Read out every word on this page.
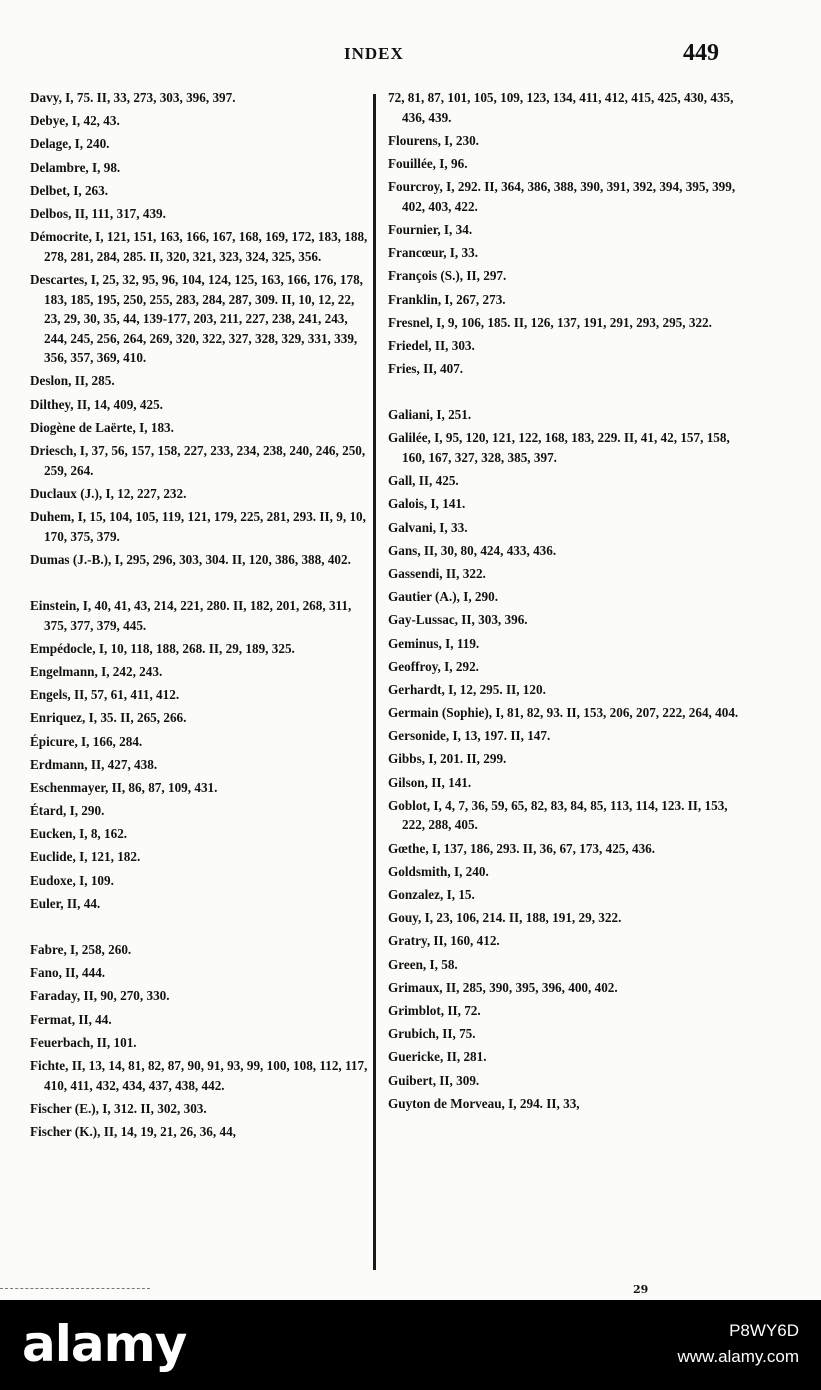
INDEX	449
Davy, I, 75. II, 33, 273, 303, 396, 397.
Debye, I, 42, 43.
Delage, I, 240.
Delambre, I, 98.
Delbet, I, 263.
Delbos, II, 111, 317, 439.
Démocrite, I, 121, 151, 163, 166, 167, 168, 169, 172, 183, 188, 278, 281, 284, 285. II, 320, 321, 323, 324, 325, 356.
Descartes, I, 25, 32, 95, 96, 104, 124, 125, 163, 166, 176, 178, 183, 185, 195, 250, 255, 283, 284, 287, 309. II, 10, 12, 22, 23, 29, 30, 35, 44, 139-177, 203, 211, 227, 238, 241, 243, 244, 245, 256, 264, 269, 320, 322, 327, 328, 329, 331, 339, 356, 357, 369, 410.
Deslon, II, 285.
Dilthey, II, 14, 409, 425.
Diogène de Laërte, I, 183.
Driesch, I, 37, 56, 157, 158, 227, 233, 234, 238, 240, 246, 250, 259, 264.
Duclaux (J.), I, 12, 227, 232.
Duhem, I, 15, 104, 105, 119, 121, 179, 225, 281, 293. II, 9, 10, 170, 375, 379.
Dumas (J.-B.), I, 295, 296, 303, 304. II, 120, 386, 388, 402.
Einstein, I, 40, 41, 43, 214, 221, 280. II, 182, 201, 268, 311, 375, 377, 379, 445.
Empédocle, I, 10, 118, 188, 268. II, 29, 189, 325.
Engelmann, I, 242, 243.
Engels, II, 57, 61, 411, 412.
Enriquez, I, 35. II, 265, 266.
Épicure, I, 166, 284.
Erdmann, II, 427, 438.
Eschenmayer, II, 86, 87, 109, 431.
Étard, I, 290.
Eucken, I, 8, 162.
Euclide, I, 121, 182.
Eudoxe, I, 109.
Euler, II, 44.
Fabre, I, 258, 260.
Fano, II, 444.
Faraday, II, 90, 270, 330.
Fermat, II, 44.
Feuerbach, II, 101.
Fichte, II, 13, 14, 81, 82, 87, 90, 91, 93, 99, 100, 108, 112, 117, 410, 411, 432, 434, 437, 438, 442.
Fischer (E.), I, 312. II, 302, 303.
Fischer (K.), II, 14, 19, 21, 26, 36, 44,
72, 81, 87, 101, 105, 109, 123, 134, 411, 412, 415, 425, 430, 435, 436, 439.
Flourens, I, 230.
Fouillée, I, 96.
Fourcroy, I, 292. II, 364, 386, 388, 390, 391, 392, 394, 395, 399, 402, 403, 422.
Fournier, I, 34.
Francœur, I, 33.
François (S.), II, 297.
Franklin, I, 267, 273.
Fresnel, I, 9, 106, 185. II, 126, 137, 191, 291, 293, 295, 322.
Friedel, II, 303.
Fries, II, 407.
Galiani, I, 251.
Galilée, I, 95, 120, 121, 122, 168, 183, 229. II, 41, 42, 157, 158, 160, 167, 327, 328, 385, 397.
Gall, II, 425.
Galois, I, 141.
Galvani, I, 33.
Gans, II, 30, 80, 424, 433, 436.
Gassendi, II, 322.
Gautier (A.), I, 290.
Gay-Lussac, II, 303, 396.
Geminus, I, 119.
Geoffroy, I, 292.
Gerhardt, I, 12, 295. II, 120.
Germain (Sophie), I, 81, 82, 93. II, 153, 206, 207, 222, 264, 404.
Gersonide, I, 13, 197. II, 147.
Gibbs, I, 201. II, 299.
Gilson, II, 141.
Goblot, I, 4, 7, 36, 59, 65, 82, 83, 84, 85, 113, 114, 123. II, 153, 222, 288, 405.
Gœthe, I, 137, 186, 293. II, 36, 67, 173, 425, 436.
Goldsmith, I, 240.
Gonzalez, I, 15.
Gouy, I, 23, 106, 214. II, 188, 191, 29, 322.
Gratry, II, 160, 412.
Green, I, 58.
Grimaux, II, 285, 390, 395, 396, 400, 402.
Grimblot, II, 72.
Grubich, II, 75.
Guericke, II, 281.
Guibert, II, 309.
Guyton de Morveau, I, 294. II, 33,
29
alamy	P8WY6D
www.alamy.com
